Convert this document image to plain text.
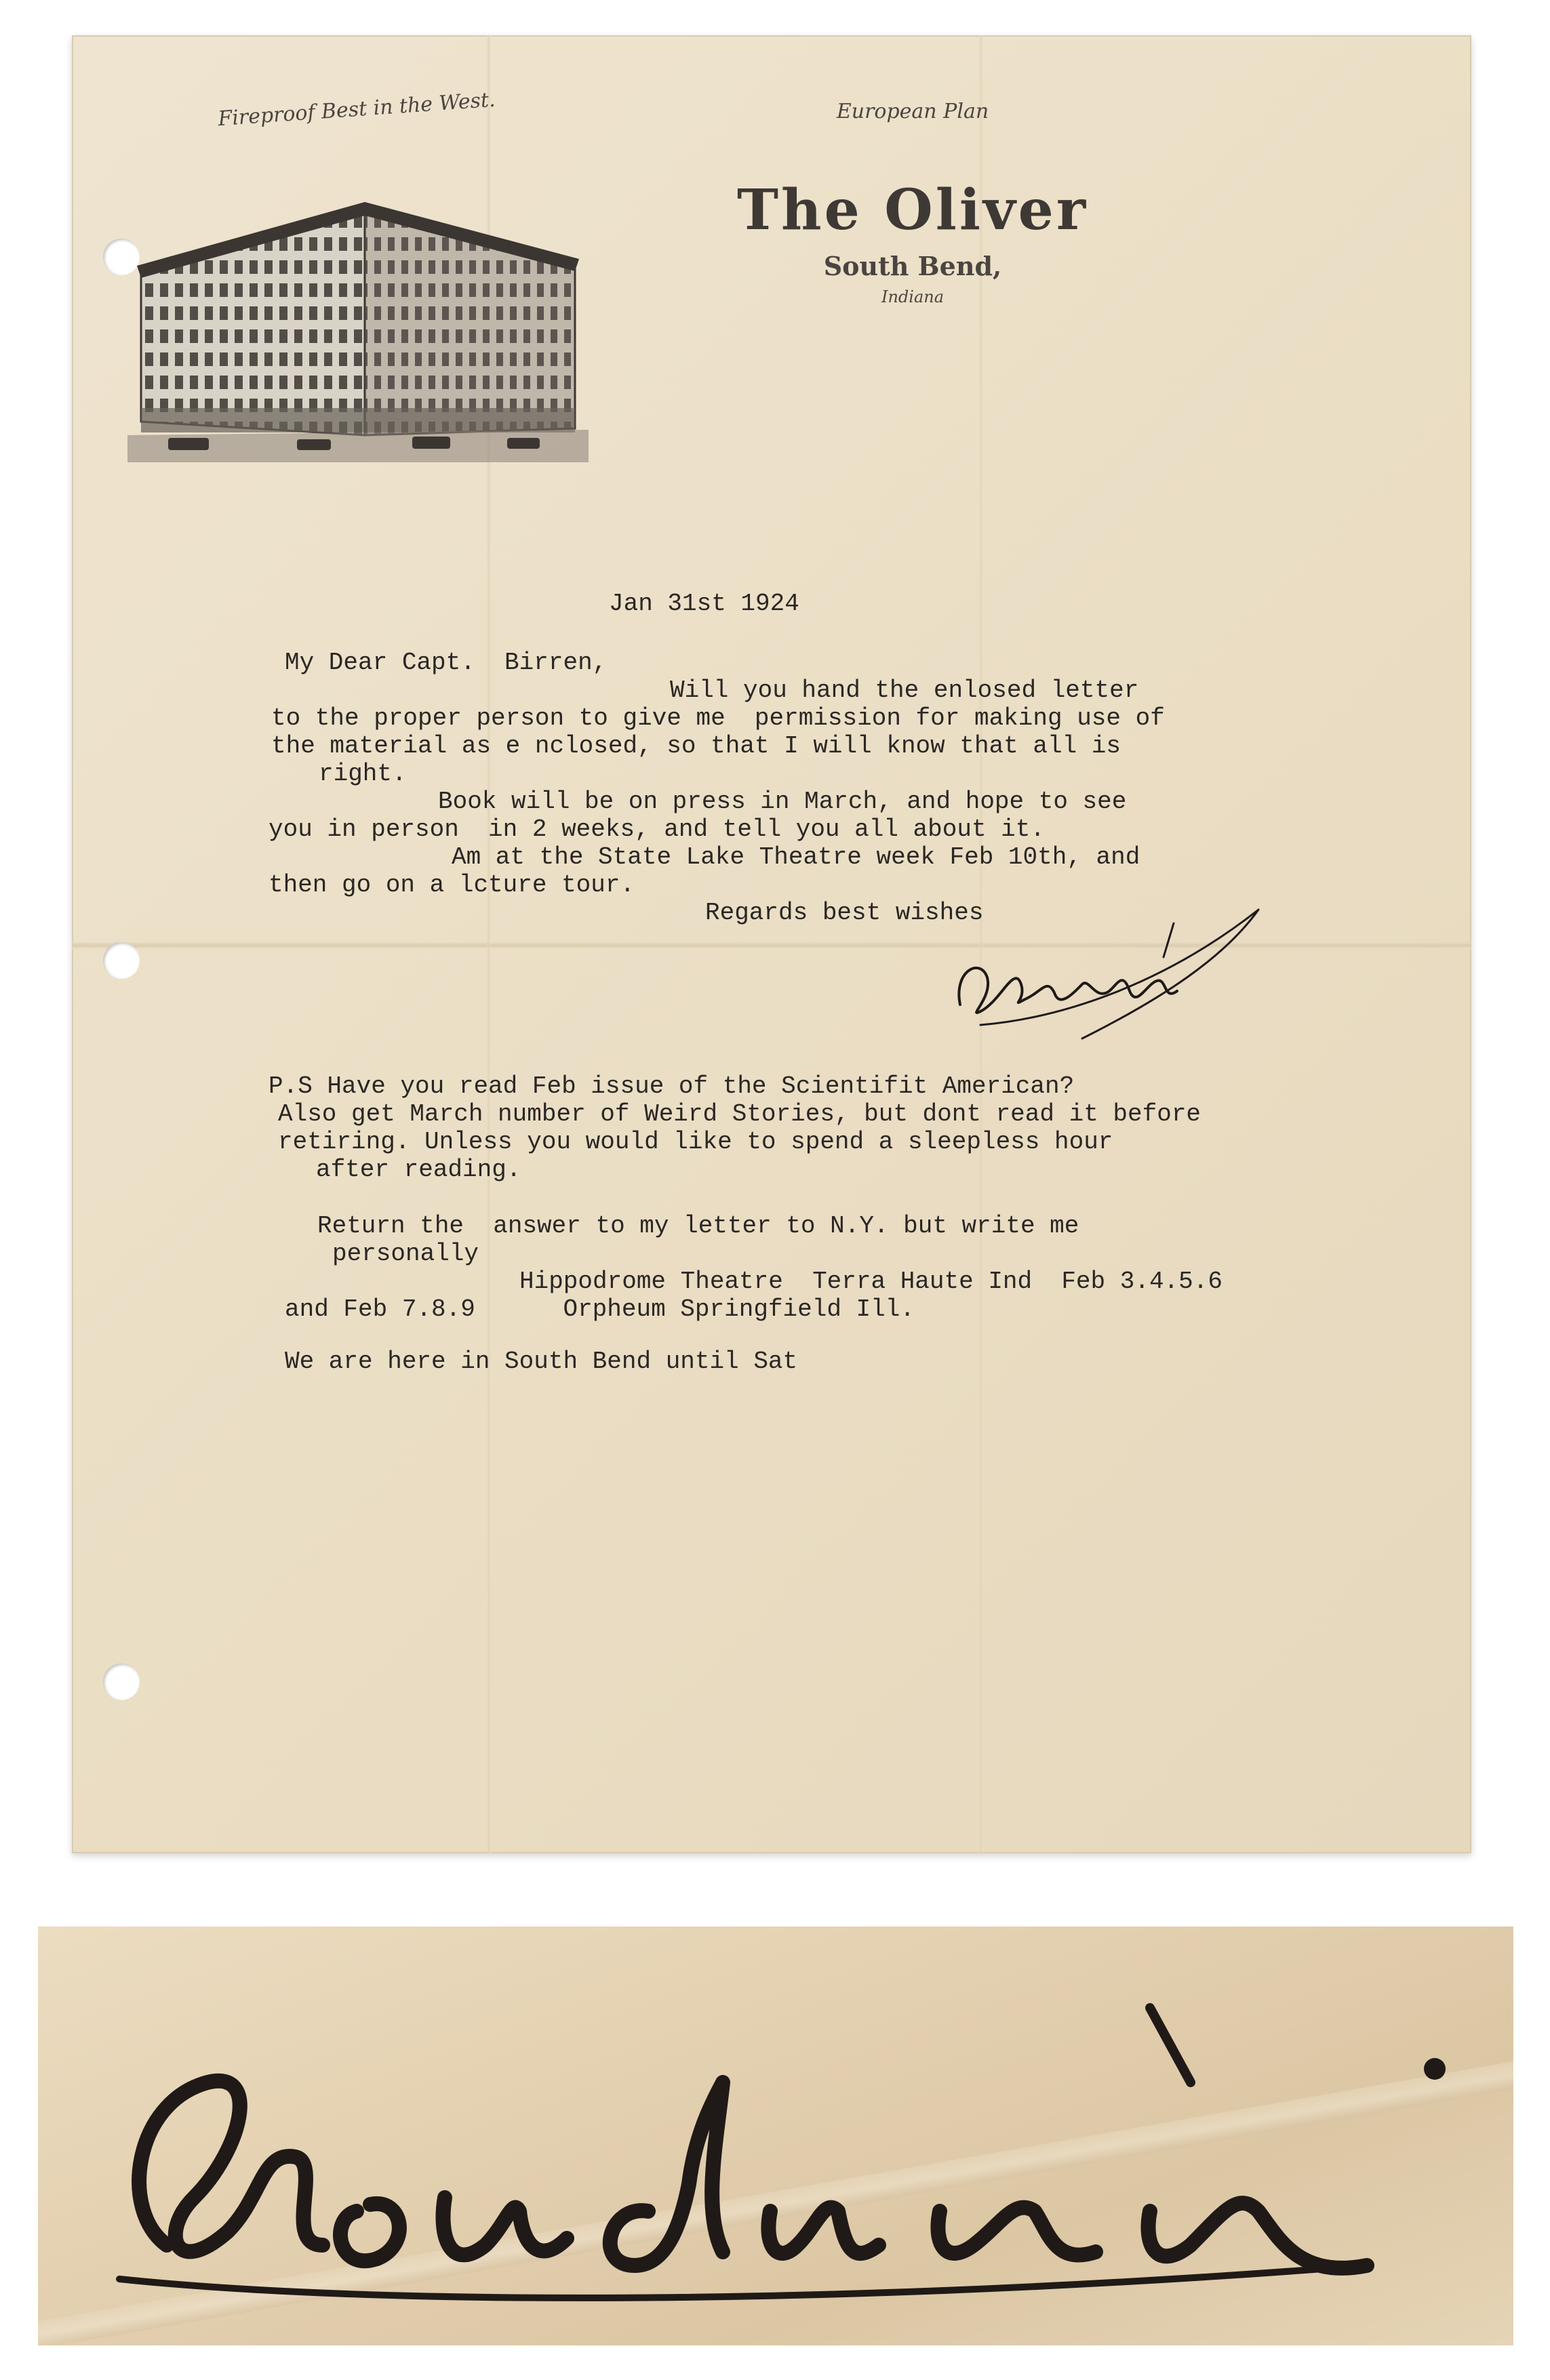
Fireproof Best in the West.	European Plan
The Oliver
South Bend,
Indiana
Jan 31st 1924
My Dear Capt.  Birren,
Will you hand the enlosed letter
to the proper person to give me  permission for making use of
the material as e nclosed, so that I will know that all is
right.
Book will be on press in March, and hope to see
you in person  in 2 weeks, and tell you all about it.
Am at the State Lake Theatre week Feb 10th, and
then go on a lcture tour.
Regards best wishes
P.S Have you read Feb issue of the Scientifit American?
Also get March number of Weird Stories, but dont read it before
retiring. Unless you would like to spend a sleepless hour
after reading.
Return the  answer to my letter to N.Y. but write me
personally
Hippodrome Theatre  Terra Haute Ind  Feb 3.4.5.6
and Feb 7.8.9      Orpheum Springfield Ill.
We are here in South Bend until Sat
